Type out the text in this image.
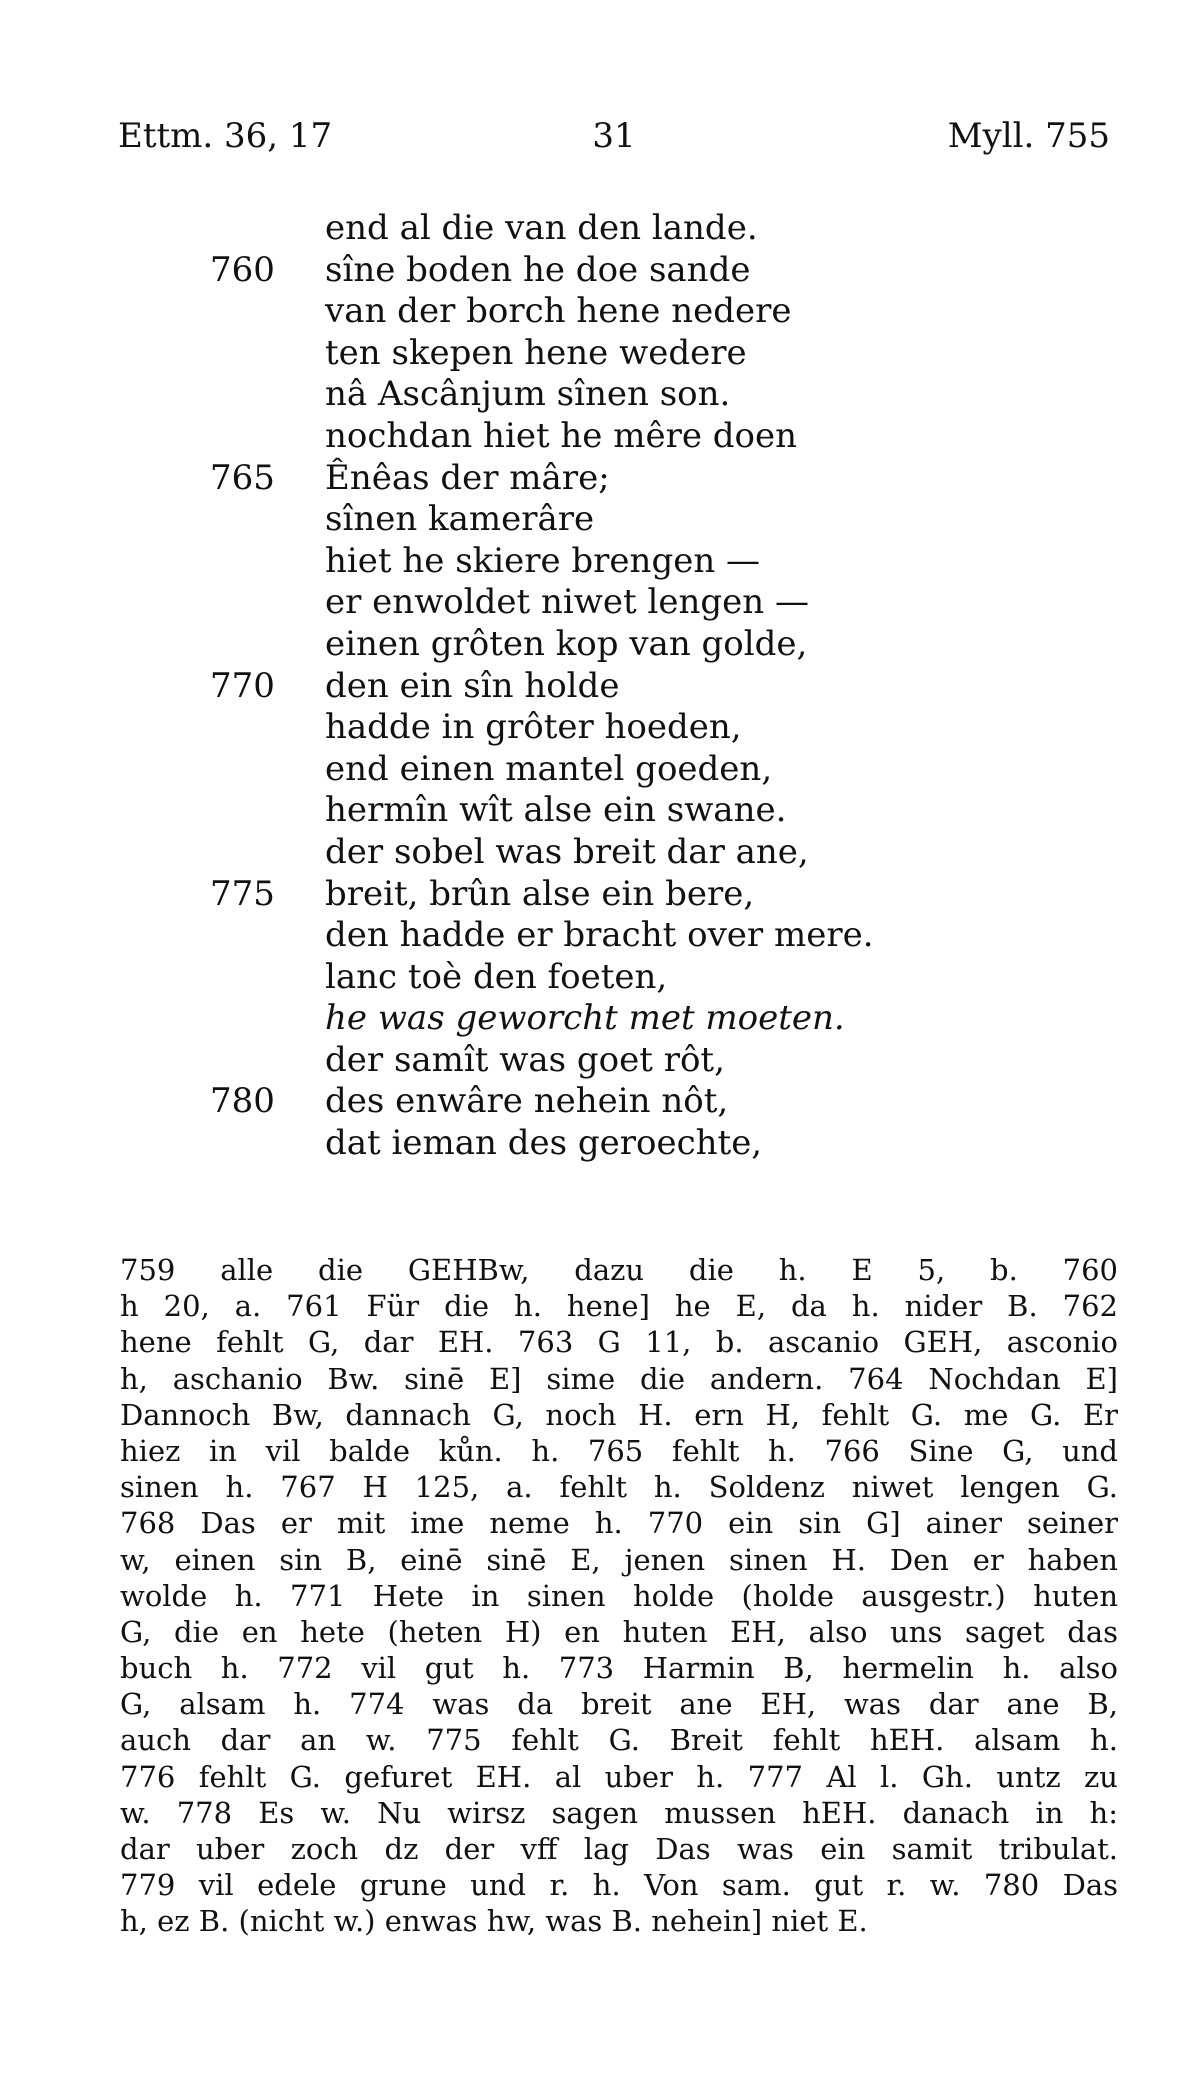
Ettm. 36, 17	31	Myll. 755
end al die van den lande.
760 sîne boden he doe sande
van der borch hene nedere
ten skepen hene wedere
nâ Ascânjum sînen son.
nochdan hiet he mêre doen
765 Ênêas der mâre;
sînen kamerâre
hiet he skiere brengen —
er enwoldet niwet lengen —
einen grôten kop van golde,
770 den ein sîn holde
hadde in grôter hoeden,
end einen mantel goeden,
hermîn wît alse ein swane.
der sobel was breit dar ane,
775 breit, brûn alse ein bere,
den hadde er bracht over mere.
lanc toè den foeten,
he was geworcht met moeten.
der samît was goet rôt,
780 des enwâre nehein nôt,
dat ieman des geroechte,
759 alle die GEHBw, dazu die h. E 5, b. 760
h 20, a. 761 Für die h. hene] he E, da h. nider B. 762
hene fehlt G, dar EH. 763 G 11, b. ascanio GEH, asconio
h, aschanio Bw. sinē E] sime die andern. 764 Nochdan E]
Dannoch Bw, dannach G, noch H. ern H, fehlt G. me G. Er
hiez in vil balde kůn. h. 765 fehlt h. 766 Sine G, und
sinen h. 767 H 125, a. fehlt h. Soldenz niwet lengen G.
768 Das er mit ime neme h. 770 ein sin G] ainer seiner
w, einen sin B, einē sinē E, jenen sinen H. Den er haben
wolde h. 771 Hete in sinen holde (holde ausgestr.) huten
G, die en hete (heten H) en huten EH, also uns saget das
buch h. 772 vil gut h. 773 Harmin B, hermelin h. also
G, alsam h. 774 was da breit ane EH, was dar ane B,
auch dar an w. 775 fehlt G. Breit fehlt hEH. alsam h.
776 fehlt G. gefuret EH. al uber h. 777 Al l. Gh. untz zu
w. 778 Es w. Nu wirsz sagen mussen hEH. danach in h:
dar uber zoch dz der vff lag Das was ein samit tribulat.
779 vil edele grune und r. h. Von sam. gut r. w. 780 Das
h, ez B. (nicht w.) enwas hw, was B. nehein] niet E.
